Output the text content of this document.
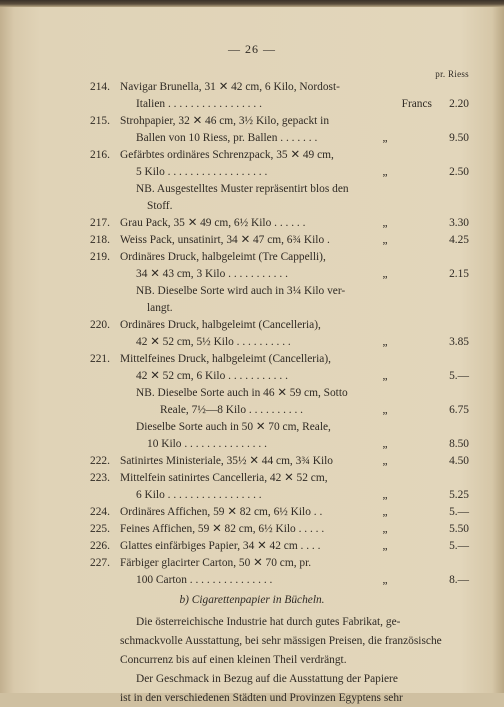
— 26 —
pr. Riess
214. Navigar Brunella, 31 ✕ 42 cm, 6 Kilo, Nordost-
Italien . . . . . . . . . . . . . . . . .	Francs 2.20
215. Strohpapier, 32 ✕ 46 cm, 3½ Kilo, gepackt in
Ballen von 10 Riess, pr. Ballen . . . . . . .	„	9.50
216. Gefärbtes ordinäres Schrenzpack, 35 ✕ 49 cm,
5 Kilo . . . . . . . . . . . . . . . . . .	„	2.50
NB. Ausgestelltes Muster repräsentirt blos den
Stoff.
217. Grau Pack, 35 ✕ 49 cm, 6½ Kilo . . . . . .	„	3.30
218. Weiss Pack, unsatinirt, 34 ✕ 47 cm, 6¾ Kilo .	„	4.25
219. Ordinäres Druck, halbgeleimt (Tre Cappelli),
34 ✕ 43 cm, 3 Kilo . . . . . . . . . . .	„	2.15
NB. Dieselbe Sorte wird auch in 3¼ Kilo ver-
langt.
220. Ordinäres Druck, halbgeleimt (Cancelleria),
42 ✕ 52 cm, 5½ Kilo . . . . . . . . . .	„	3.85
221. Mittelfeines Druck, halbgeleimt (Cancelleria),
42 ✕ 52 cm, 6 Kilo . . . . . . . . . . .	„	5.—
NB. Dieselbe Sorte auch in 46 ✕ 59 cm, Sotto
Reale, 7½—8 Kilo . . . . . . . . . .	„	6.75
Dieselbe Sorte auch in 50 ✕ 70 cm, Reale,
10 Kilo . . . . . . . . . . . . . . .	„	8.50
222. Satinirtes Ministeriale, 35½ ✕ 44 cm, 3¾ Kilo	„	4.50
223. Mittelfein satinirtes Cancelleria, 42 ✕ 52 cm,
6 Kilo . . . . . . . . . . . . . . . . .	„	5.25
224. Ordinäres Affichen, 59 ✕ 82 cm, 6½ Kilo . .	„	5.—
225. Feines Affichen, 59 ✕ 82 cm, 6½ Kilo . . . . .	„	5.50
226. Glattes einfärbiges Papier, 34 ✕ 42 cm . . . .	„	5.—
227. Färbiger glacirter Carton, 50 ✕ 70 cm, pr.
100 Carton . . . . . . . . . . . . . . .	„	8.—
b) Cigarettenpapier in Bücheln.
Die österreichische Industrie hat durch gutes Fabrikat, ge-
schmackvolle Ausstattung, bei sehr mässigen Preisen, die französische
Concurrenz bis auf einen kleinen Theil verdrängt.
Der Geschmack in Bezug auf die Ausstattung der Papiere
ist in den verschiedenen Städten und Provinzen Egyptens sehr
